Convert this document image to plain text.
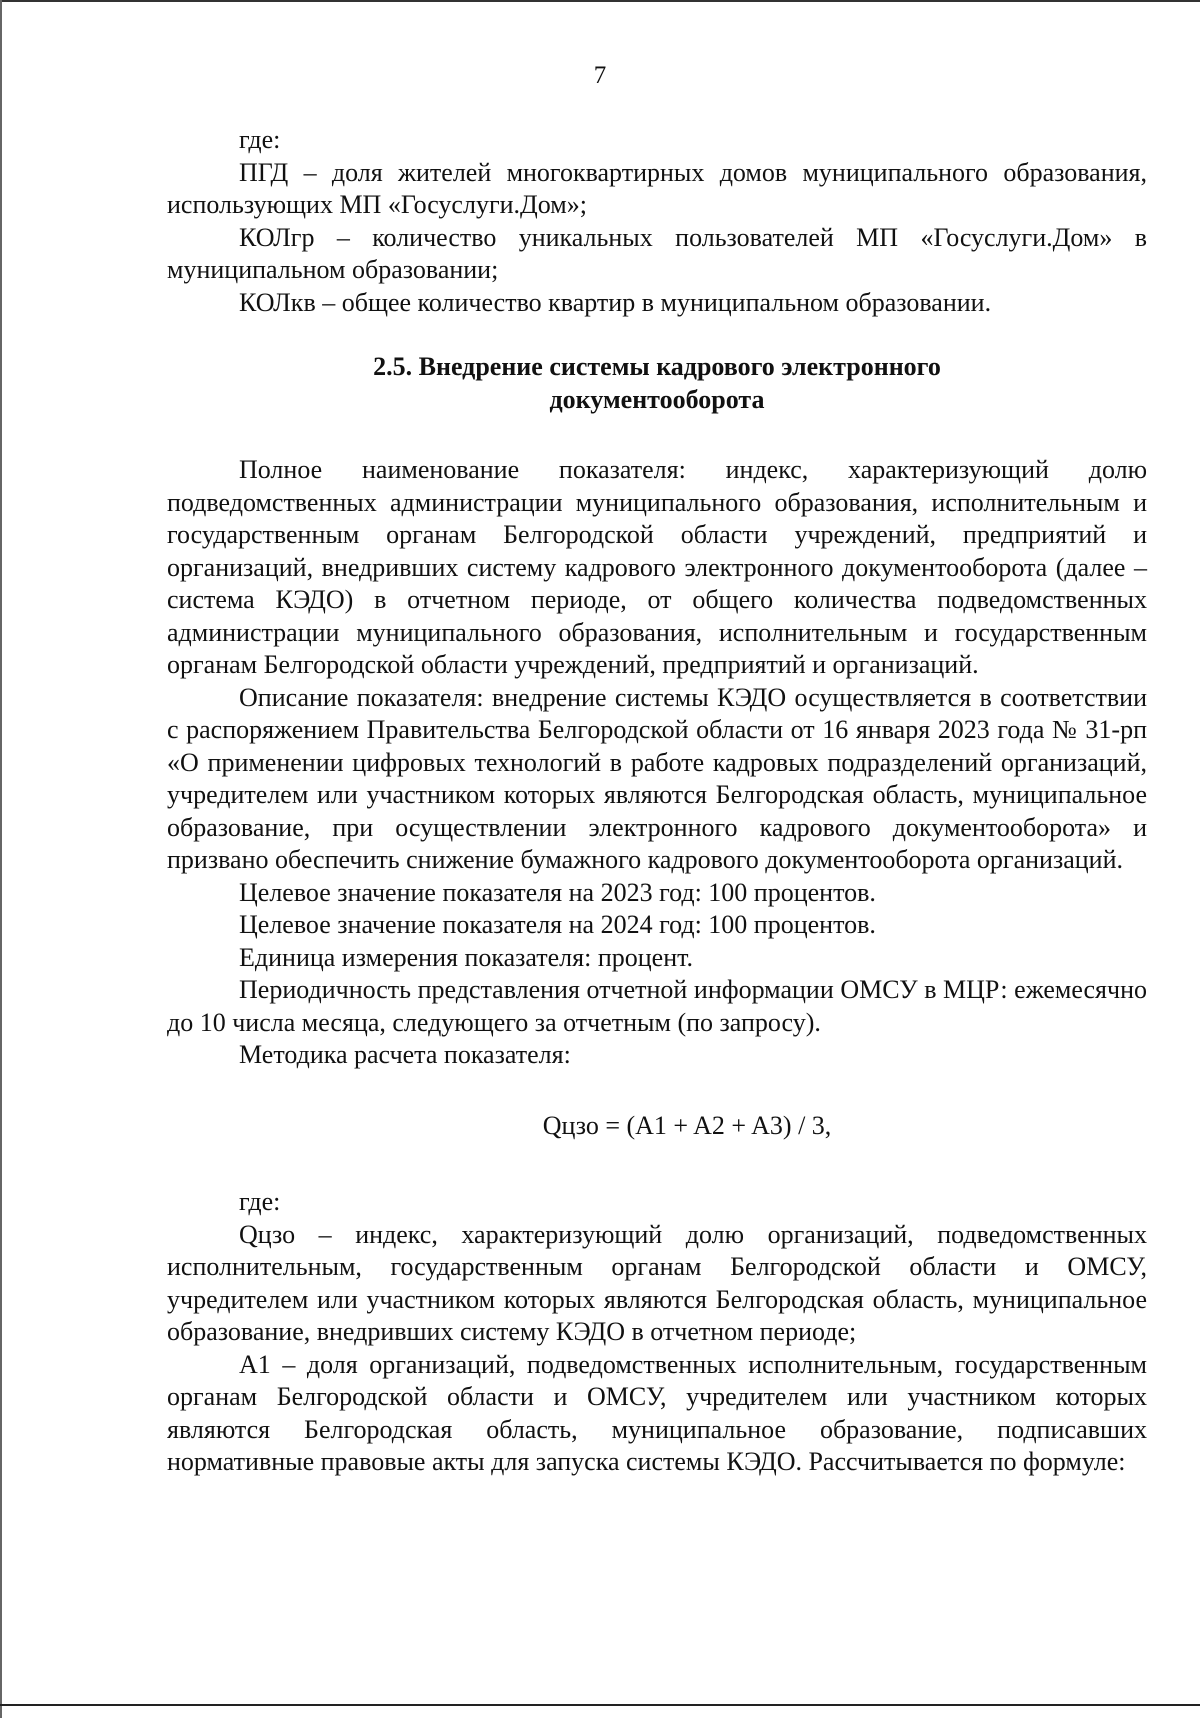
7

где:

ПГД – доля жителей многоквартирных домов муниципального образования, использующих МП «Госуслуги.Дом»;

КОЛгр – количество уникальных пользователей МП «Госуслуги.Дом» в муниципальном образовании;

КОЛкв – общее количество квартир в муниципальном образовании.

2.5. Внедрение системы кадрового электронного
документооборота

Полное наименование показателя: индекс, характеризующий долю подведомственных администрации муниципального образования, исполнительным и государственным органам Белгородской области учреждений, предприятий и организаций, внедривших систему кадрового электронного документооборота (далее – система КЭДО) в отчетном периоде, от общего количества подведомственных администрации муниципального образования, исполнительным и государственным органам Белгородской области учреждений, предприятий и организаций.

Описание показателя: внедрение системы КЭДО осуществляется в соответствии с распоряжением Правительства Белгородской области от 16 января 2023 года № 31-рп «О применении цифровых технологий в работе кадровых подразделений организаций, учредителем или участником которых являются Белгородская область, муниципальное образование, при осуществлении электронного кадрового документооборота» и призвано обеспечить снижение бумажного кадрового документооборота организаций.

Целевое значение показателя на 2023 год: 100 процентов.

Целевое значение показателя на 2024 год: 100 процентов.

Единица измерения показателя: процент.

Периодичность представления отчетной информации ОМСУ в МЦР: ежемесячно до 10 числа месяца, следующего за отчетным (по запросу).

Методика расчета показателя:

Qцзо = (A1 + A2 + A3) / 3,

где:

Qцзо – индекс, характеризующий долю организаций, подведомственных исполнительным, государственным органам Белгородской области и ОМСУ, учредителем или участником которых являются Белгородская область, муниципальное образование, внедривших систему КЭДО в отчетном периоде;

А1 – доля организаций, подведомственных исполнительным, государственным органам Белгородской области и ОМСУ, учредителем или участником которых являются Белгородская область, муниципальное образование, подписавших нормативные правовые акты для запуска системы КЭДО. Рассчитывается по формуле:
